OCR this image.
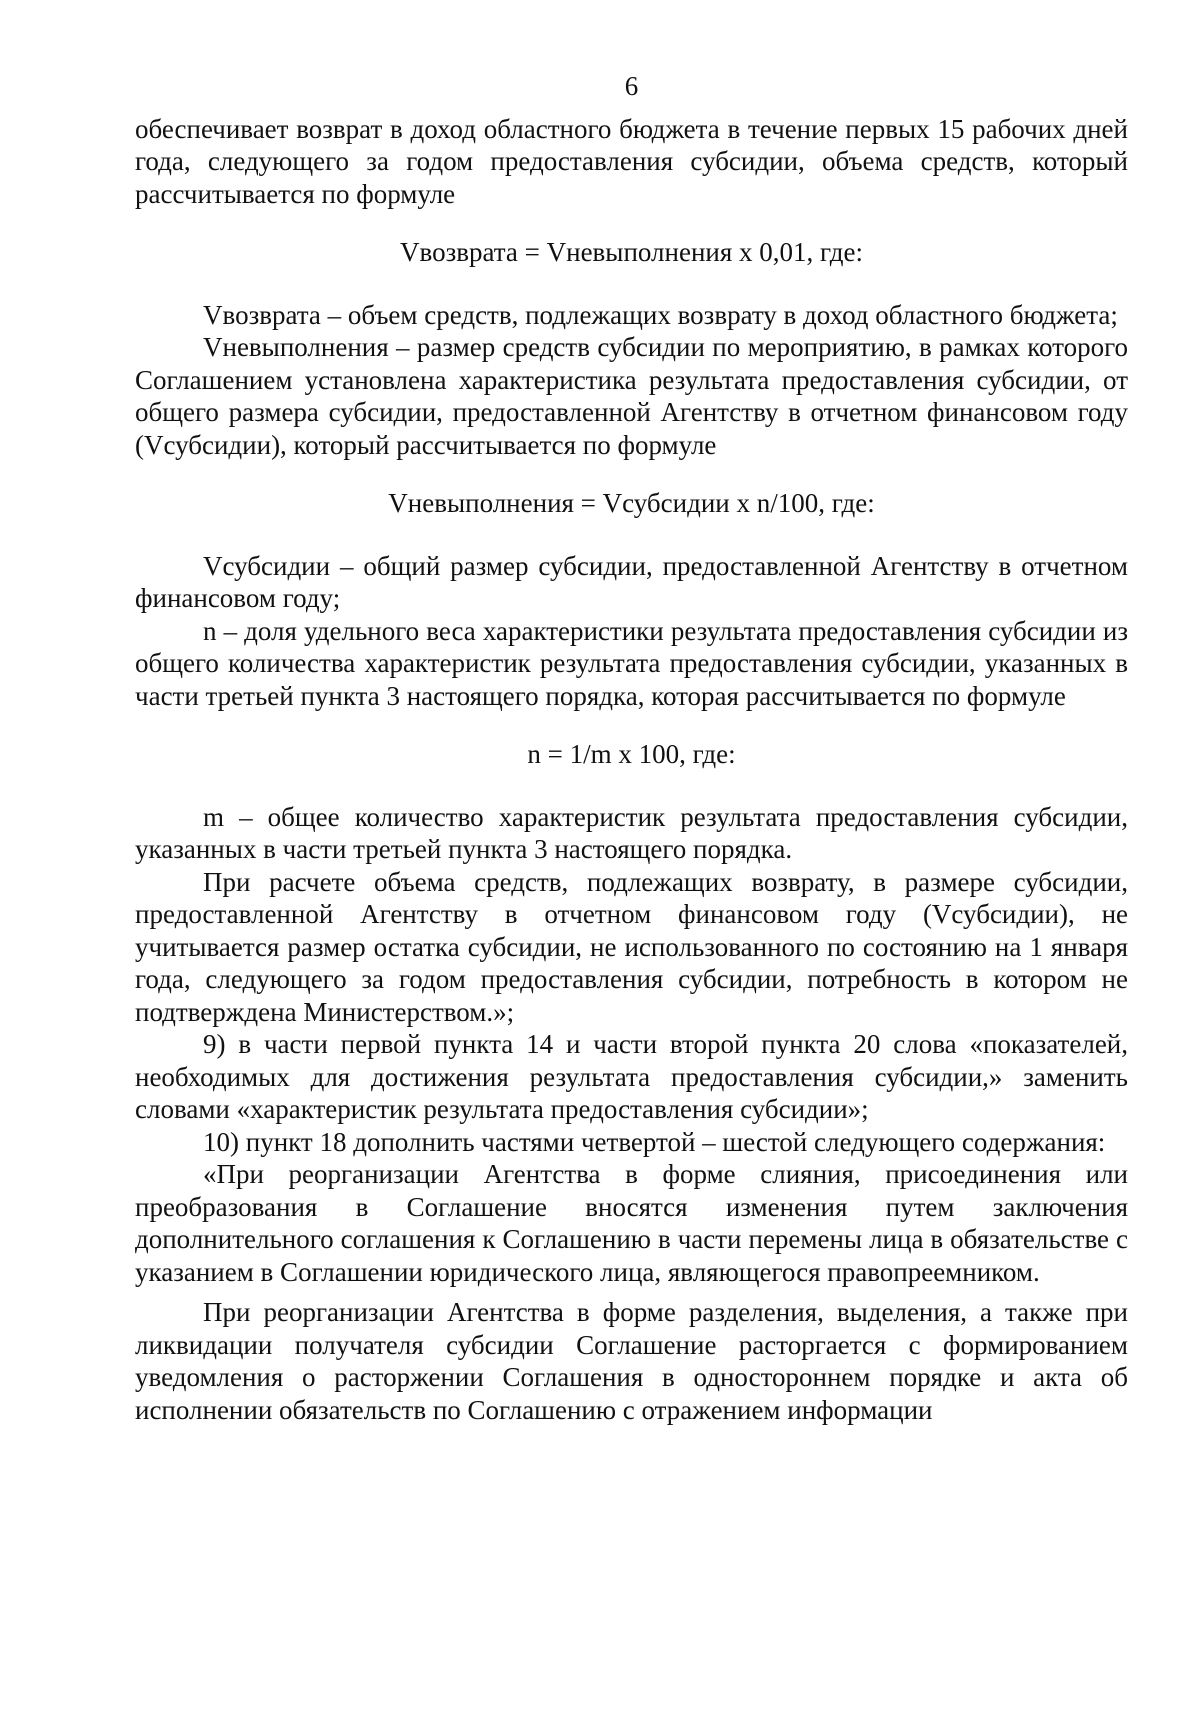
6

обеспечивает возврат в доход областного бюджета в течение первых 15 рабочих дней года, следующего за годом предоставления субсидии, объема средств, который рассчитывается по формуле

Vвозврата = Vневыполнения х 0,01, где:

Vвозврата – объем средств, подлежащих возврату в доход областного бюджета;

Vневыполнения – размер средств субсидии по мероприятию, в рамках которого Соглашением установлена характеристика результата предоставления субсидии, от общего размера субсидии, предоставленной Агентству в отчетном финансовом году (Vсубсидии), который рассчитывается по формуле

Vневыполнения = Vсубсидии х n/100, где:

Vсубсидии – общий размер субсидии, предоставленной Агентству в отчетном финансовом году;

n – доля удельного веса характеристики результата предоставления субсидии из общего количества характеристик результата предоставления субсидии, указанных в части третьей пункта 3 настоящего порядка, которая рассчитывается по формуле

n = 1/m х 100, где:

m – общее количество характеристик результата предоставления субсидии, указанных в части третьей пункта 3 настоящего порядка.

При расчете объема средств, подлежащих возврату, в размере субсидии, предоставленной Агентству в отчетном финансовом году (Vсубсидии), не учитывается размер остатка субсидии, не использованного по состоянию на 1 января года, следующего за годом предоставления субсидии, потребность в котором не подтверждена Министерством.»;

9) в части первой пункта 14 и части второй пункта 20 слова «показателей, необходимых для достижения результата предоставления субсидии,» заменить словами «характеристик результата предоставления субсидии»;

10) пункт 18 дополнить частями четвертой – шестой следующего содержания:

«При реорганизации Агентства в форме слияния, присоединения или преобразования в Соглашение вносятся изменения путем заключения дополнительного соглашения к Соглашению в части перемены лица в обязательстве с указанием в Соглашении юридического лица, являющегося правопреемником.

При реорганизации Агентства в форме разделения, выделения, а также при ликвидации получателя субсидии Соглашение расторгается с формированием уведомления о расторжении Соглашения в одностороннем порядке и акта об исполнении обязательств по Соглашению с отражением информации
